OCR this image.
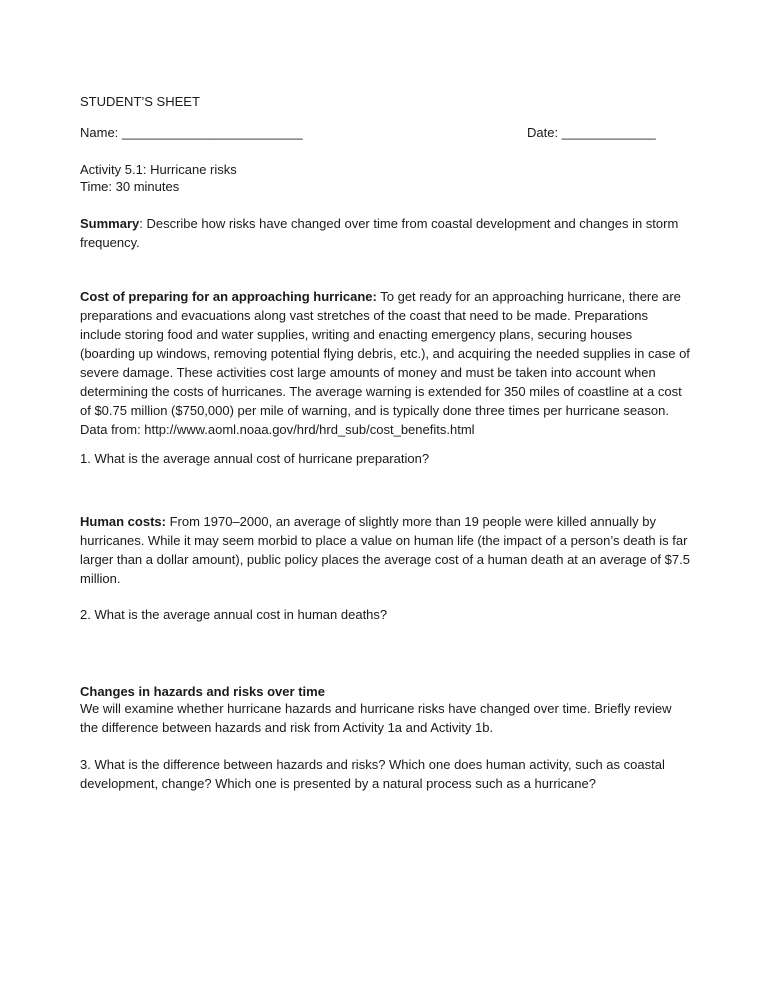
STUDENT’S SHEET

Name: _________________________	Date: _____________

Activity 5.1: Hurricane risks

Time: 30 minutes

Summary: Describe how risks have changed over time from coastal development and changes in storm frequency.

Cost of preparing for an approaching hurricane: To get ready for an approaching hurricane, there are preparations and evacuations along vast stretches of the coast that need to be made. Preparations include storing food and water supplies, writing and enacting emergency plans, securing houses (boarding up windows, removing potential flying debris, etc.), and acquiring the needed supplies in case of severe damage. These activities cost large amounts of money and must be taken into account when determining the costs of hurricanes. The average warning is extended for 350 miles of coastline at a cost of $0.75 million ($750,000) per mile of warning, and is typically done three times per hurricane season. Data from: http://www.aoml.noaa.gov/hrd/hrd_sub/cost_benefits.html

1. What is the average annual cost of hurricane preparation?

Human costs: From 1970–2000, an average of slightly more than 19 people were killed annually by hurricanes. While it may seem morbid to place a value on human life (the impact of a person’s death is far larger than a dollar amount), public policy places the average cost of a human death at an average of $7.5 million.

2. What is the average annual cost in human deaths?

Changes in hazards and risks over time

We will examine whether hurricane hazards and hurricane risks have changed over time. Briefly review the difference between hazards and risk from Activity 1a and Activity 1b.

3. What is the difference between hazards and risks? Which one does human activity, such as coastal development, change? Which one is presented by a natural process such as a hurricane?
